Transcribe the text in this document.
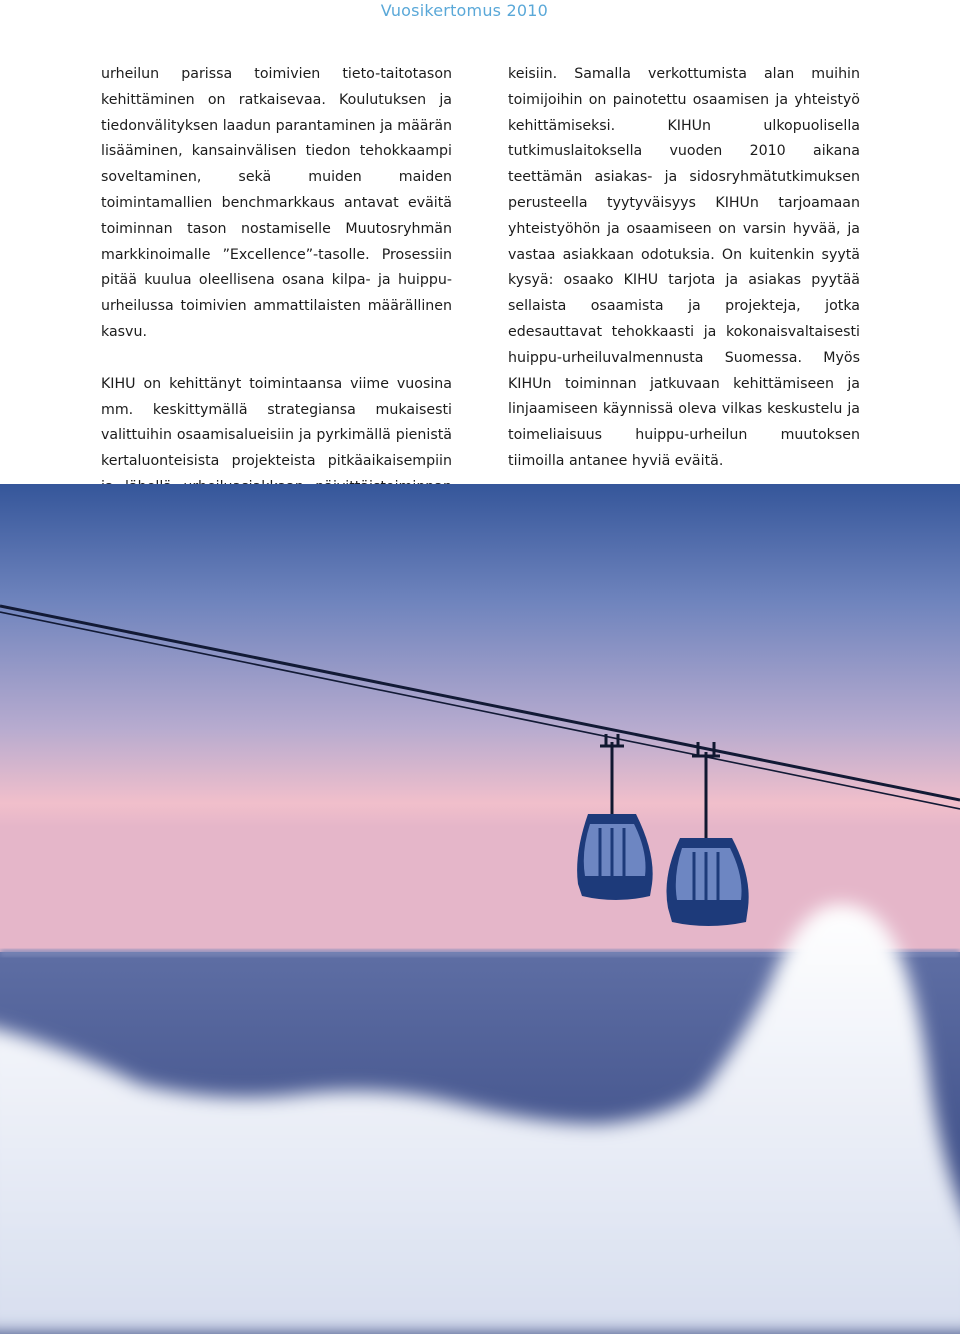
Vuosikertomus 2010

urheilun parissa toimivien tieto-taitotason kehittäminen on ratkaisevaa. Koulutuksen ja tiedonvälityksen laadun parantaminen ja määrän lisääminen, kansainvälisen tiedon tehokkaampi soveltaminen, sekä muiden maiden toimintamallien benchmarkkaus antavat eväitä toiminnan tason nostamiselle Muutosryhmän markkinoimalle ”Excellence”-tasolle. Prosessiin pitää kuulua oleellisena osana kilpa- ja huippu-urheilussa toimivien ammattilaisten määrällinen kasvu.

KIHU on kehittänyt toimintaansa viime vuosina mm. keskittymällä strategiansa mukaisesti valittuihin osaamisalueisiin ja pyrkimällä pienistä kertaluonteisista projekteista pitkäaikaisempiin

keisiin. Samalla verkottumista alan muihin toimijoihin on painotettu osaamisen ja yhteistyö kehittämiseksi. KIHUn ulkopuolisella tutkimuslaitoksella vuoden 2010 aikana teettämän asiakas- ja sidosryhmätutkimuksen perusteella tyytyväisyys KIHUn tarjoamaan yhteistyöhön ja osaamiseen on varsin hyvää, ja vastaa asiakkaan odotuksia. On kuitenkin syytä kysyä: osaako KIHU tarjota ja asiakas pyytää sellaista osaamista ja projekteja, jotka edesauttavat tehokkaasti ja kokonaisvaltaisesti huippu-urheiluvalmennusta Suomessa. Myös KIHUn toiminnan jatkuvaan kehittämiseen ja linjaamiseen käynnissä oleva vilkas keskustelu ja toimeliaisuus huippu-urheilun muutoksen tiimoilla antanee hyviä eväitä.
